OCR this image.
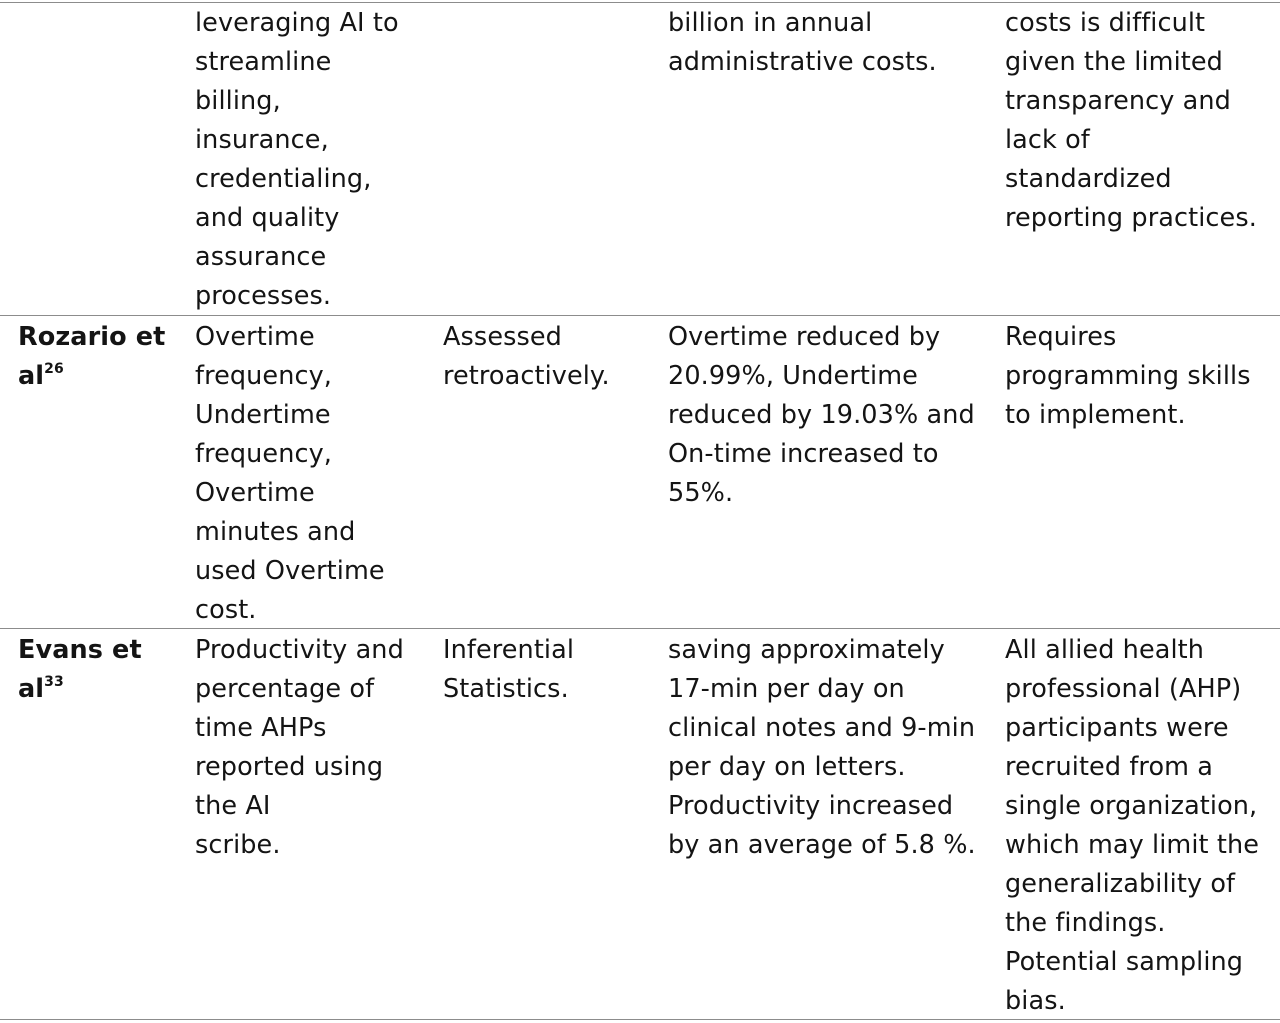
leveraging AI to
streamline
billing,
insurance,
credentialing,
and quality
assurance
processes.
billion in annual
administrative costs.
costs is difficult
given the limited
transparency and
lack of
standardized
reporting practices.
Rozario et
$al^{26}$
Overtime
frequency,
Undertime
frequency,
Overtime
minutes and
used Overtime
cost.
Assessed
retroactively.
Overtime reduced by
20.99%, Undertime
reduced by 19.03% and
On-time increased to
55%.
Requires
programming skills
to implement.
Evans et
$al^{33}$
Productivity and
percentage of
time AHPs
reported using
the AI
scribe.
Inferential
Statistics.
saving approximately
17-min per day on
clinical notes and 9-min
per day on letters.
Productivity increased
by an average of 5.8 %.
All allied health
professional (AHP)
participants were
recruited from a
single organization,
which may limit the
generalizability of
the findings.
Potential sampling
bias.
